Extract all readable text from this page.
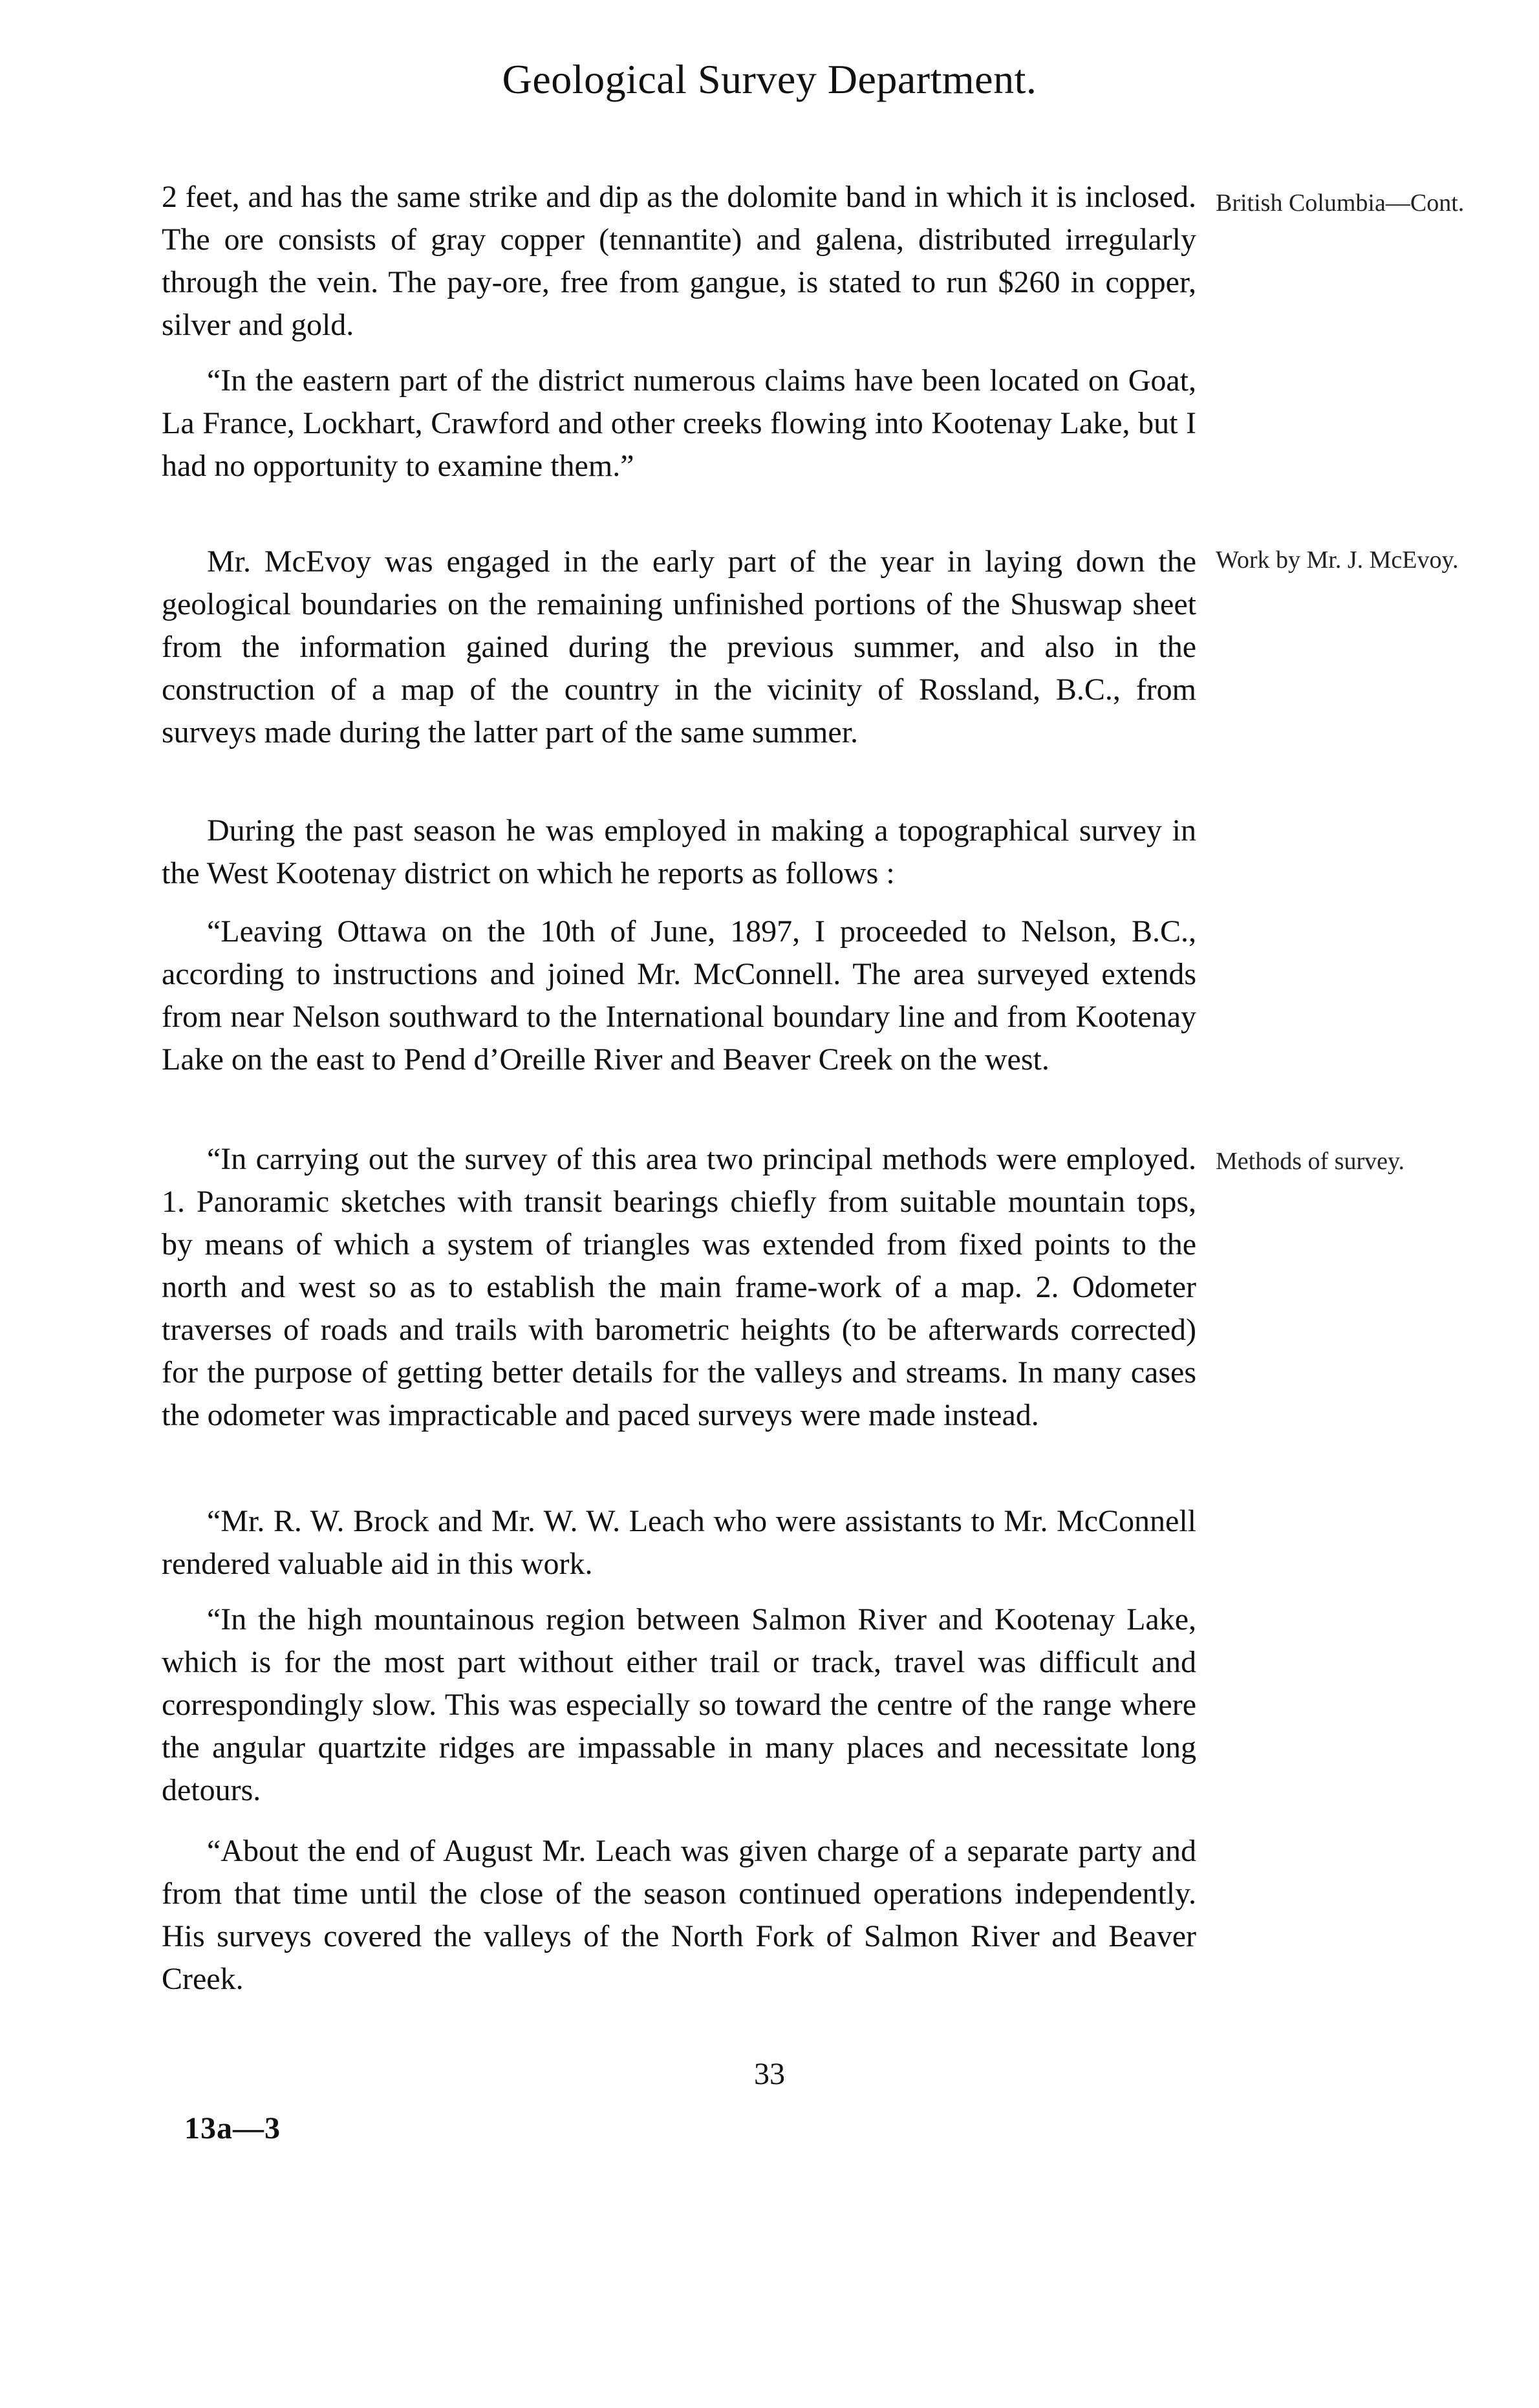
Geological Survey Department.
British Columbia—Cont.
Work by Mr. J. McEvoy.
Methods of survey.

2 feet, and has the same strike and dip as the dolomite band in which it is inclosed. The ore consists of gray copper (tennantite) and galena, distributed irregularly through the vein. The pay-ore, free from gangue, is stated to run $260 in copper, silver and gold.

“In the eastern part of the district numerous claims have been located on Goat, La France, Lockhart, Crawford and other creeks flowing into Kootenay Lake, but I had no opportunity to examine them.”

Mr. McEvoy was engaged in the early part of the year in laying down the geological boundaries on the remaining unfinished portions of the Shuswap sheet from the information gained during the previous summer, and also in the construction of a map of the country in the vicinity of Rossland, B.C., from surveys made during the latter part of the same summer.

During the past season he was employed in making a topographical survey in the West Kootenay district on which he reports as follows :

“Leaving Ottawa on the 10th of June, 1897, I proceeded to Nelson, B.C., according to instructions and joined Mr. McConnell. The area surveyed extends from near Nelson southward to the International boundary line and from Kootenay Lake on the east to Pend d’Oreille River and Beaver Creek on the west.

“In carrying out the survey of this area two principal methods were employed. 1. Panoramic sketches with transit bearings chiefly from suitable mountain tops, by means of which a system of triangles was extended from fixed points to the north and west so as to establish the main frame-work of a map. 2. Odometer traverses of roads and trails with barometric heights (to be afterwards corrected) for the purpose of getting better details for the valleys and streams. In many cases the odometer was impracticable and paced surveys were made instead.

“Mr. R. W. Brock and Mr. W. W. Leach who were assistants to Mr. McConnell rendered valuable aid in this work.

“In the high mountainous region between Salmon River and Kootenay Lake, which is for the most part without either trail or track, travel was difficult and correspondingly slow. This was especially so toward the centre of the range where the angular quartzite ridges are impassable in many places and necessitate long detours.

“About the end of August Mr. Leach was given charge of a separate party and from that time until the close of the season continued operations independently. His surveys covered the valleys of the North Fork of Salmon River and Beaver Creek.

33
13a—3
